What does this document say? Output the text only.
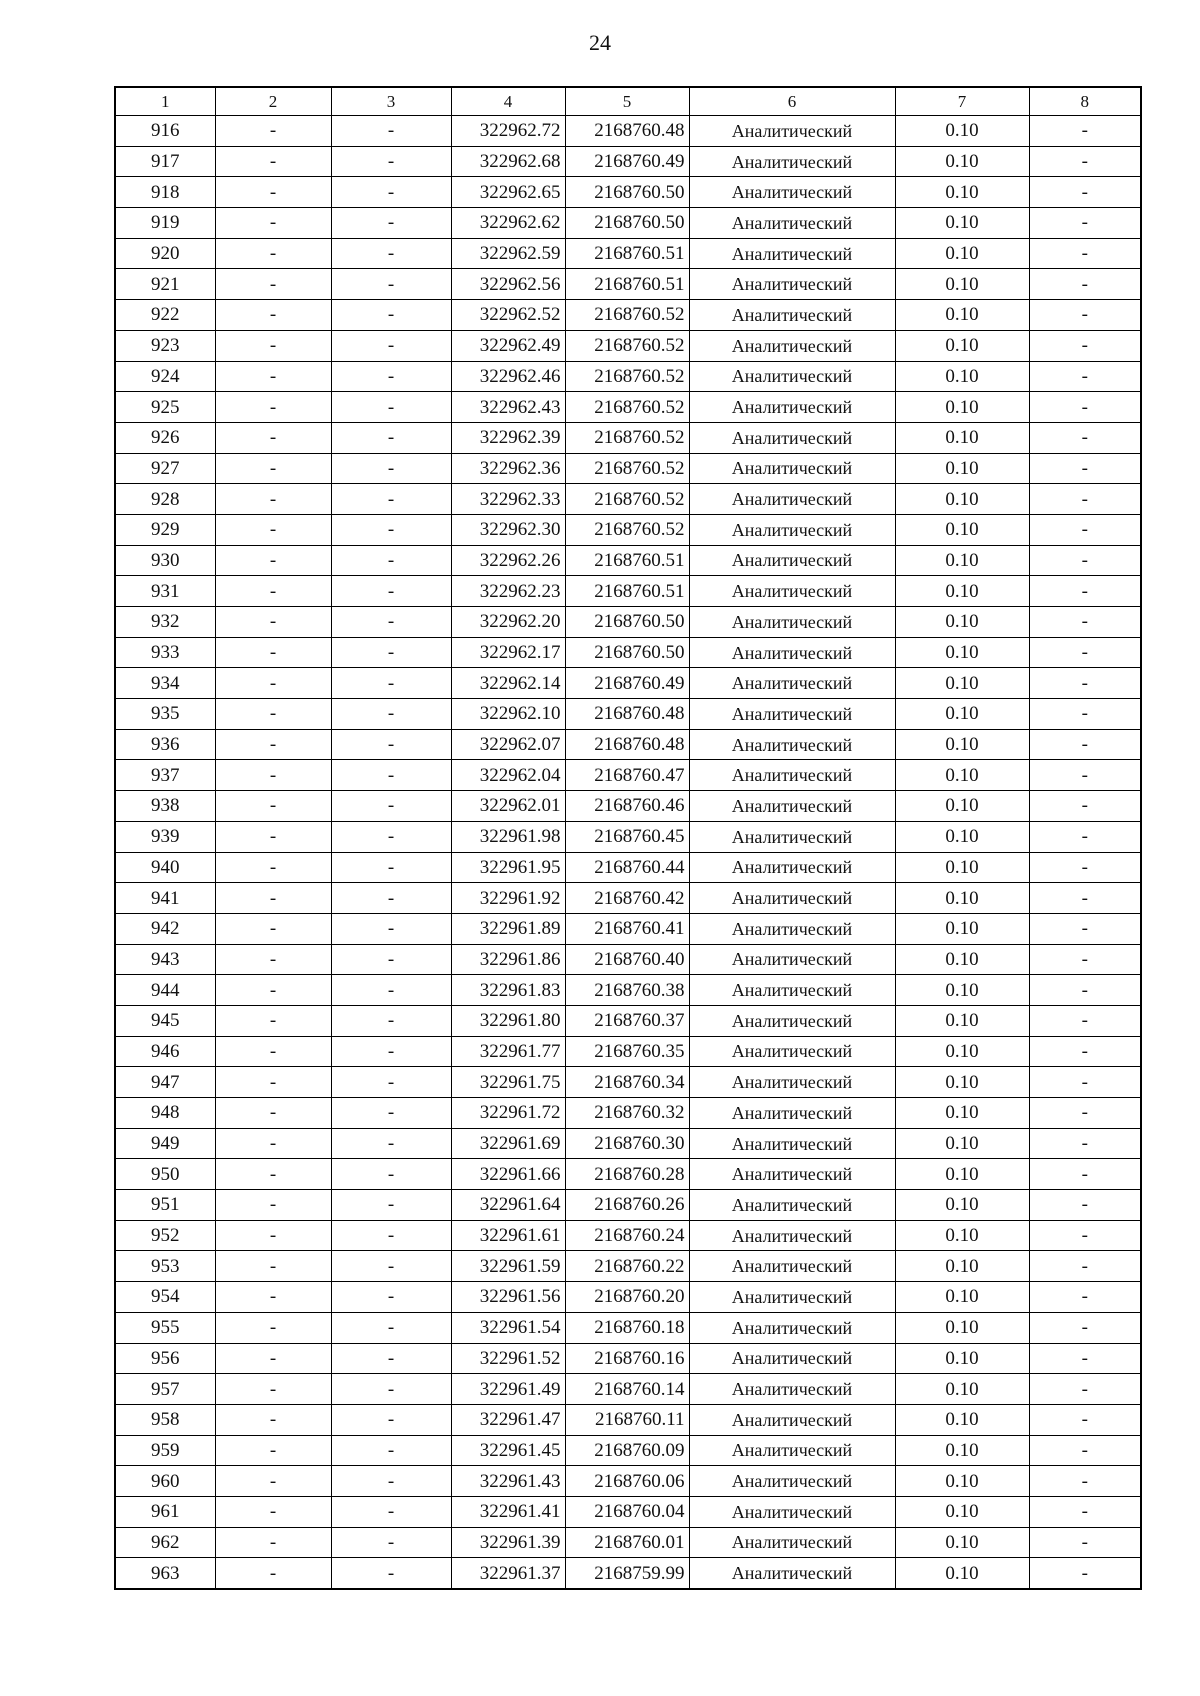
24
1	2	3	4	5	6	7	8
916	-	-	322962.72	2168760.48	Аналитический	0.10	-
917	-	-	322962.68	2168760.49	Аналитический	0.10	-
918	-	-	322962.65	2168760.50	Аналитический	0.10	-
919	-	-	322962.62	2168760.50	Аналитический	0.10	-
920	-	-	322962.59	2168760.51	Аналитический	0.10	-
921	-	-	322962.56	2168760.51	Аналитический	0.10	-
922	-	-	322962.52	2168760.52	Аналитический	0.10	-
923	-	-	322962.49	2168760.52	Аналитический	0.10	-
924	-	-	322962.46	2168760.52	Аналитический	0.10	-
925	-	-	322962.43	2168760.52	Аналитический	0.10	-
926	-	-	322962.39	2168760.52	Аналитический	0.10	-
927	-	-	322962.36	2168760.52	Аналитический	0.10	-
928	-	-	322962.33	2168760.52	Аналитический	0.10	-
929	-	-	322962.30	2168760.52	Аналитический	0.10	-
930	-	-	322962.26	2168760.51	Аналитический	0.10	-
931	-	-	322962.23	2168760.51	Аналитический	0.10	-
932	-	-	322962.20	2168760.50	Аналитический	0.10	-
933	-	-	322962.17	2168760.50	Аналитический	0.10	-
934	-	-	322962.14	2168760.49	Аналитический	0.10	-
935	-	-	322962.10	2168760.48	Аналитический	0.10	-
936	-	-	322962.07	2168760.48	Аналитический	0.10	-
937	-	-	322962.04	2168760.47	Аналитический	0.10	-
938	-	-	322962.01	2168760.46	Аналитический	0.10	-
939	-	-	322961.98	2168760.45	Аналитический	0.10	-
940	-	-	322961.95	2168760.44	Аналитический	0.10	-
941	-	-	322961.92	2168760.42	Аналитический	0.10	-
942	-	-	322961.89	2168760.41	Аналитический	0.10	-
943	-	-	322961.86	2168760.40	Аналитический	0.10	-
944	-	-	322961.83	2168760.38	Аналитический	0.10	-
945	-	-	322961.80	2168760.37	Аналитический	0.10	-
946	-	-	322961.77	2168760.35	Аналитический	0.10	-
947	-	-	322961.75	2168760.34	Аналитический	0.10	-
948	-	-	322961.72	2168760.32	Аналитический	0.10	-
949	-	-	322961.69	2168760.30	Аналитический	0.10	-
950	-	-	322961.66	2168760.28	Аналитический	0.10	-
951	-	-	322961.64	2168760.26	Аналитический	0.10	-
952	-	-	322961.61	2168760.24	Аналитический	0.10	-
953	-	-	322961.59	2168760.22	Аналитический	0.10	-
954	-	-	322961.56	2168760.20	Аналитический	0.10	-
955	-	-	322961.54	2168760.18	Аналитический	0.10	-
956	-	-	322961.52	2168760.16	Аналитический	0.10	-
957	-	-	322961.49	2168760.14	Аналитический	0.10	-
958	-	-	322961.47	2168760.11	Аналитический	0.10	-
959	-	-	322961.45	2168760.09	Аналитический	0.10	-
960	-	-	322961.43	2168760.06	Аналитический	0.10	-
961	-	-	322961.41	2168760.04	Аналитический	0.10	-
962	-	-	322961.39	2168760.01	Аналитический	0.10	-
963	-	-	322961.37	2168759.99	Аналитический	0.10	-
